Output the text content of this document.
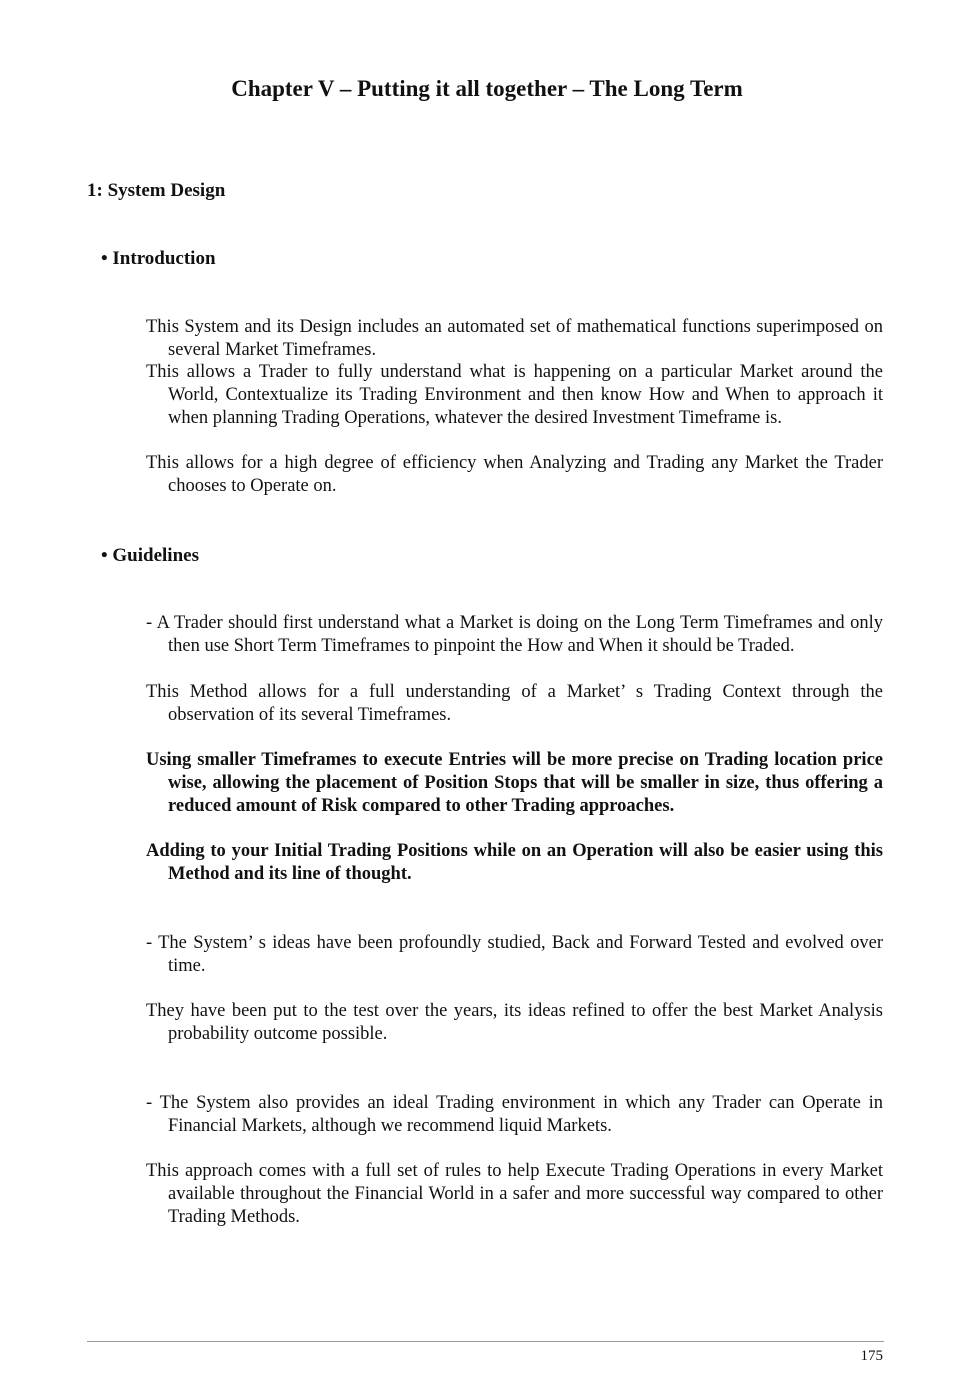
Chapter V – Putting it all together – The Long Term
1: System Design
• Introduction

This System and its Design includes an automated set of mathematical functions superimposed on several Market Timeframes.

This allows a Trader to fully understand what is happening on a particular Market around the World, Contextualize its Trading Environment and then know How and When to approach it when planning Trading Operations, whatever the desired Investment Timeframe is.

This allows for a high degree of efficiency when Analyzing and Trading any Market the Trader chooses to Operate on.

• Guidelines

- A Trader should first understand what a Market is doing on the Long Term Timeframes and only then use Short Term Timeframes to pinpoint the How and When it should be Traded.

This Method allows for a full understanding of a Market’ s Trading Context through the observation of its several Timeframes.

Using smaller Timeframes to execute Entries will be more precise on Trading location price wise, allowing the placement of Position Stops that will be smaller in size, thus offering a reduced amount of Risk compared to other Trading approaches.

Adding to your Initial Trading Positions while on an Operation will also be easier using this Method and its line of thought.

- The System’ s ideas have been profoundly studied, Back and Forward Tested and evolved over time.

They have been put to the test over the years, its ideas refined to offer the best Market Analysis probability outcome possible.

- The System also provides an ideal Trading environment in which any Trader can Operate in Financial Markets, although we recommend liquid Markets.

This approach comes with a full set of rules to help Execute Trading Operations in every Market available throughout the Financial World in a safer and more successful way compared to other Trading Methods.

175
